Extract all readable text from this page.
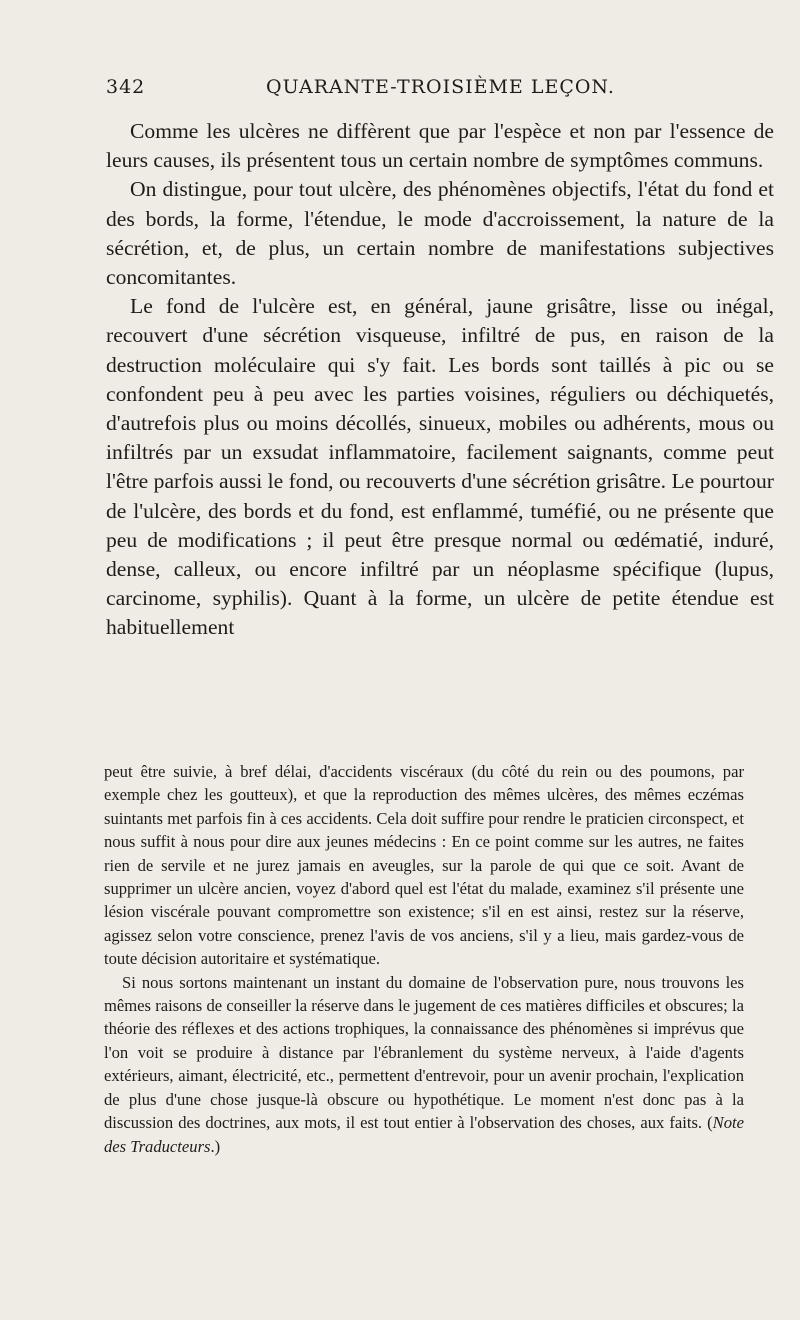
342	QUARANTE-TROISIÈME LEÇON.

Comme les ulcères ne diffèrent que par l'espèce et non par l'essence de leurs causes, ils présentent tous un certain nombre de symptômes communs.

On distingue, pour tout ulcère, des phénomènes objectifs, l'état du fond et des bords, la forme, l'étendue, le mode d'accroissement, la nature de la sécrétion, et, de plus, un certain nombre de manifestations subjectives concomitantes.

Le fond de l'ulcère est, en général, jaune grisâtre, lisse ou inégal, recouvert d'une sécrétion visqueuse, infiltré de pus, en raison de la destruction moléculaire qui s'y fait. Les bords sont taillés à pic ou se confondent peu à peu avec les parties voisines, réguliers ou déchiquetés, d'autrefois plus ou moins décollés, sinueux, mobiles ou adhérents, mous ou infiltrés par un exsudat inflammatoire, facilement saignants, comme peut l'être parfois aussi le fond, ou recouverts d'une sécrétion grisâtre. Le pourtour de l'ulcère, des bords et du fond, est enflammé, tuméfié, ou ne présente que peu de modifications ; il peut être presque normal ou œdématié, induré, dense, calleux, ou encore infiltré par un néoplasme spécifique (lupus, carcinome, syphilis). Quant à la forme, un ulcère de petite étendue est habituellement

peut être suivie, à bref délai, d'accidents viscéraux (du côté du rein ou des poumons, par exemple chez les goutteux), et que la reproduction des mêmes ulcères, des mêmes eczémas suintants met parfois fin à ces accidents. Cela doit suffire pour rendre le praticien circonspect, et nous suffit à nous pour dire aux jeunes médecins : En ce point comme sur les autres, ne faites rien de servile et ne jurez jamais en aveugles, sur la parole de qui que ce soit. Avant de supprimer un ulcère ancien, voyez d'abord quel est l'état du malade, examinez s'il présente une lésion viscérale pouvant compromettre son existence; s'il en est ainsi, restez sur la réserve, agissez selon votre conscience, prenez l'avis de vos anciens, s'il y a lieu, mais gardez-vous de toute décision autoritaire et systématique.

Si nous sortons maintenant un instant du domaine de l'observation pure, nous trouvons les mêmes raisons de conseiller la réserve dans le jugement de ces matières difficiles et obscures; la théorie des réflexes et des actions trophiques, la connaissance des phénomènes si imprévus que l'on voit se produire à distance par l'ébranlement du système nerveux, à l'aide d'agents extérieurs, aimant, électricité, etc., permettent d'entrevoir, pour un avenir prochain, l'explication de plus d'une chose jusque-là obscure ou hypothétique. Le moment n'est donc pas à la discussion des doctrines, aux mots, il est tout entier à l'observation des choses, aux faits. (Note des Traducteurs.)
